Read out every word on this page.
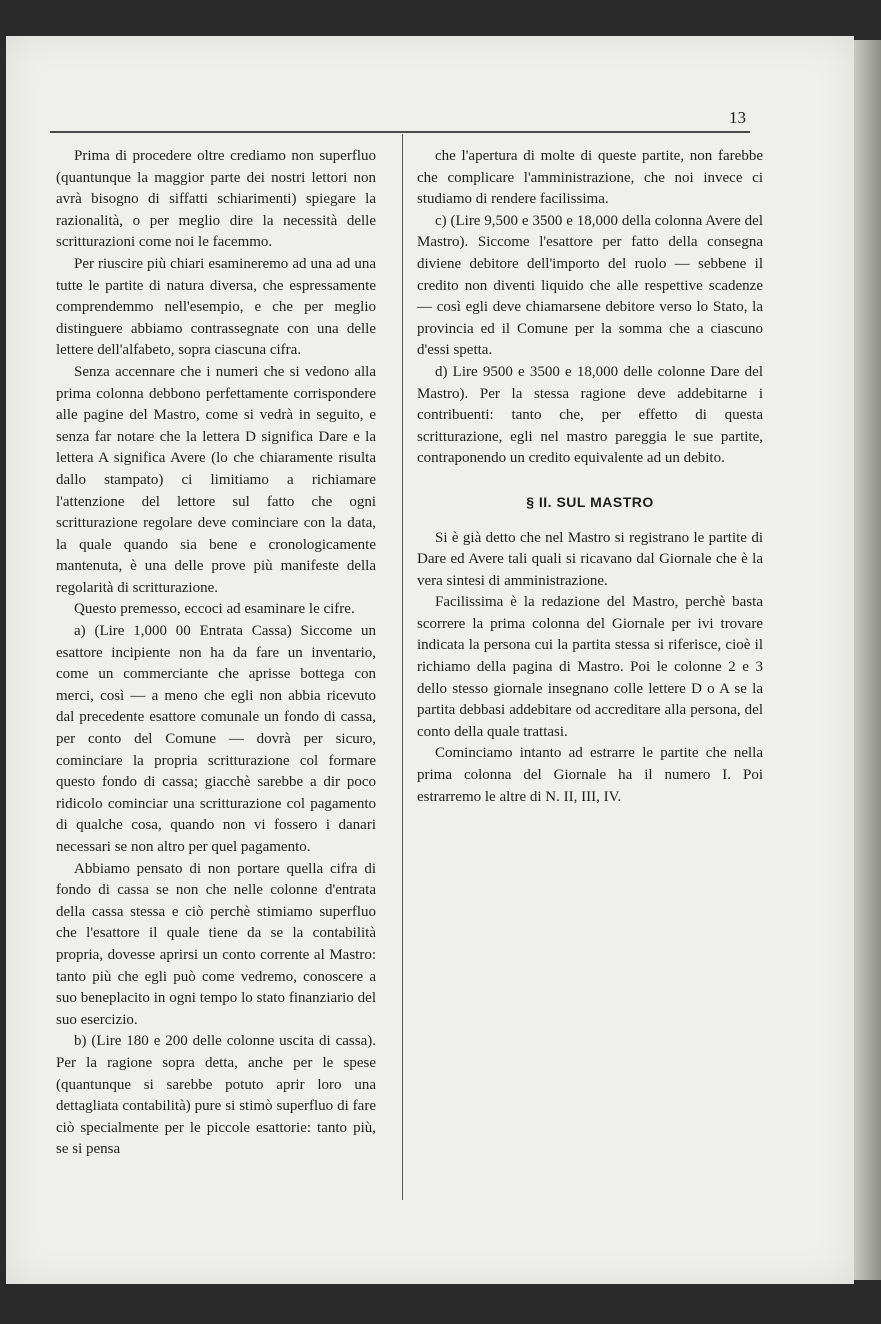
13

Prima di procedere oltre crediamo non superfluo (quantunque la maggior parte dei nostri lettori non avrà bisogno di siffatti schiarimenti) spiegare la razionalità, o per meglio dire la necessità delle scritturazioni come noi le facemmo.

Per riuscire più chiari esamineremo ad una ad una tutte le partite di natura diversa, che espressamente comprendemmo nell'esempio, e che per meglio distinguere abbiamo contrassegnate con una delle lettere dell'alfabeto, sopra ciascuna cifra.

Senza accennare che i numeri che si vedono alla prima colonna debbono perfettamente corrispondere alle pagine del Mastro, come si vedrà in seguito, e senza far notare che la lettera D significa Dare e la lettera A significa Avere (lo che chiaramente risulta dallo stampato) ci limitiamo a richiamare l'attenzione del lettore sul fatto che ogni scritturazione regolare deve cominciare con la data, la quale quando sia bene e cronologicamente mantenuta, è una delle prove più manifeste della regolarità di scritturazione.

Questo premesso, eccoci ad esaminare le cifre.

a) (Lire 1,000 00 Entrata Cassa) Siccome un esattore incipiente non ha da fare un inventario, come un commerciante che aprisse bottega con merci, così — a meno che egli non abbia ricevuto dal precedente esattore comunale un fondo di cassa, per conto del Comune — dovrà per sicuro, cominciare la propria scritturazione col formare questo fondo di cassa; giacchè sarebbe a dir poco ridicolo cominciar una scritturazione col pagamento di qualche cosa, quando non vi fossero i danari necessari se non altro per quel pagamento.

Abbiamo pensato di non portare quella cifra di fondo di cassa se non che nelle colonne d'entrata della cassa stessa e ciò perchè stimiamo superfluo che l'esattore il quale tiene da se la contabilità propria, dovesse aprirsi un conto corrente al Mastro: tanto più che egli può come vedremo, conoscere a suo beneplacito in ogni tempo lo stato finanziario del suo esercizio.

b) (Lire 180 e 200 delle colonne uscita di cassa). Per la ragione sopra detta, anche per le spese (quantunque si sarebbe potuto aprir loro una dettagliata contabilità) pure si stimò superfluo di fare ciò specialmente per le piccole esattorie: tanto più, se si pensa

che l'apertura di molte di queste partite, non farebbe che complicare l'amministrazione, che noi invece ci studiamo di rendere facilissima.

c) (Lire 9,500 e 3500 e 18,000 della colonna Avere del Mastro). Siccome l'esattore per fatto della consegna diviene debitore dell'importo del ruolo — sebbene il credito non diventi liquido che alle respettive scadenze — così egli deve chiamarsene debitore verso lo Stato, la provincia ed il Comune per la somma che a ciascuno d'essi spetta.

d) Lire 9500 e 3500 e 18,000 delle colonne Dare del Mastro). Per la stessa ragione deve addebitarne i contribuenti: tanto che, per effetto di questa scritturazione, egli nel mastro pareggia le sue partite, contraponendo un credito equivalente ad un debito.

§ II. SUL MASTRO

Si è già detto che nel Mastro si registrano le partite di Dare ed Avere tali quali si ricavano dal Giornale che è la vera sintesi di amministrazione.

Facilissima è la redazione del Mastro, perchè basta scorrere la prima colonna del Giornale per ivi trovare indicata la persona cui la partita stessa si riferisce, cioè il richiamo della pagina di Mastro. Poi le colonne 2 e 3 dello stesso giornale insegnano colle lettere D o A se la partita debbasi addebitare od accreditare alla persona, del conto della quale trattasi.

Cominciamo intanto ad estrarre le partite che nella prima colonna del Giornale ha il numero I. Poi estrarremo le altre di N. II, III, IV.
